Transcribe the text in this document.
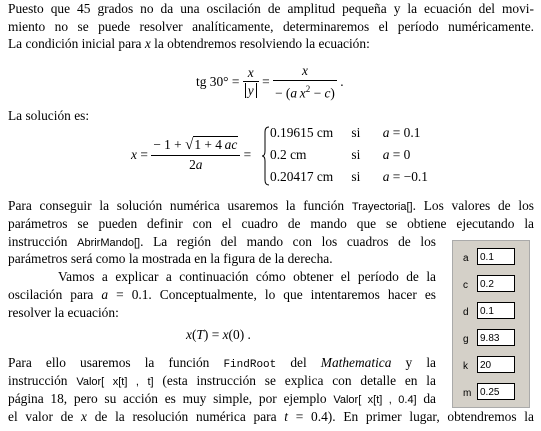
Puesto que 45 grados no da una oscilación de amplitud pequeña y la ecuación del movi-

miento no se puede resolver analíticamente, determinaremos el período numéricamente.

La condición inicial para x la obtendremos resolviendo la ecuación:

tg $30^\circ = \frac{x}{y} = \frac{x}{- (a x^2 - c)}$ .

La solución es:

$x = \frac{- 1 + √1 + 4 ac}{2a}$ =
0.19615 cm si a = 0.1
0.2 cm	si a = 0
0.20417 cm si a = −0.1

Para conseguir la solución numérica usaremos la función Trayectoria[]. Los valores de los

parámetros se pueden definir con el cuadro de mando que se obtiene ejecutando la

instrucción AbrirMando[]. La región del mando con los cuadros de los

parámetros será como la mostrada en la figura de la derecha.

Vamos a explicar a continuación cómo obtener el período de la

oscilación para a = 0.1. Conceptualmente, lo que intentaremos hacer es

resolver la ecuación:

x(T) = x(0) .

Para ello usaremos la función FindRoot del Mathematica y la

instrucción Valor[ x[t] , t] (esta instrucción se explica con detalle en la

página 18, pero su acción es muy simple, por ejemplo Valor[ x[t] , 0.4] da

el valor de x de la resolución numérica para t = 0.4). En primer lugar, obtendremos la

a	0.1
c	0.2
d	0.1
g	9.83
k	20
m 0.25
